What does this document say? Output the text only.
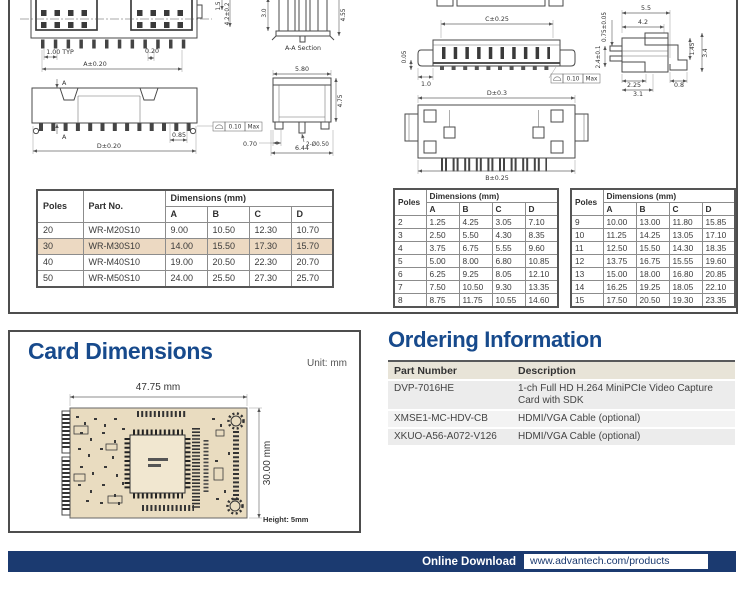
1.00 TYP	0.20
A±0.20
1.5 4.2±0.2	3.0	4.55
A-A Section
5.80
4.75
0.70	2-Ø0.50
6.44
A
A	0.85
D±0.20
0.10 Max
C±0.25
0.05
1.0
0.10 Max
D±0.3
B±0.25
5.5
4.2
0.75±0.05
2.4±0.1	1.45 3.4
2.25	0.8
3.1
Poles	Part No.	Dimensions (mm)			
		A	B	C	D
20	WR-M20S10	9.00	10.50	12.30	10.70
30	WR-M30S10	14.00	15.50	17.30	15.70
40	WR-M40S10	19.00	20.50	22.30	20.70
50	WR-M50S10	24.00	25.50	27.30	25.70
Poles	Dimensions (mm)			
	A	B	C	D
2	1.25	4.25	3.05	7.10
3	2.50	5.50	4.30	8.35
4	3.75	6.75	5.55	9.60
5	5.00	8.00	6.80	10.85
6	6.25	9.25	8.05	12.10
7	7.50	10.50	9.30	13.35
8	8.75	11.75	10.55	14.60
Poles	Dimensions (mm)			
	A	B	C	D
9	10.00	13.00	11.80	15.85
10	11.25	14.25	13.05	17.10
11	12.50	15.50	14.30	18.35
12	13.75	16.75	15.55	19.60
13	15.00	18.00	16.80	20.85
14	16.25	19.25	18.05	22.10
15	17.50	20.50	19.30	23.35
Card Dimensions	Unit: mm
47.75 mm
30.00 mm
Height: 5mm
Ordering Information
Part Number	Description
DVP-7016HE	1-ch Full HD H.264 MiniPCIe Video Capture Card with SDK
XMSE1-MC-HDV-CB	HDMI/VGA Cable (optional)
XKUO-A56-A072-V126	HDMI/VGA Cable (optional)
Online Download	www.advantech.com/products
